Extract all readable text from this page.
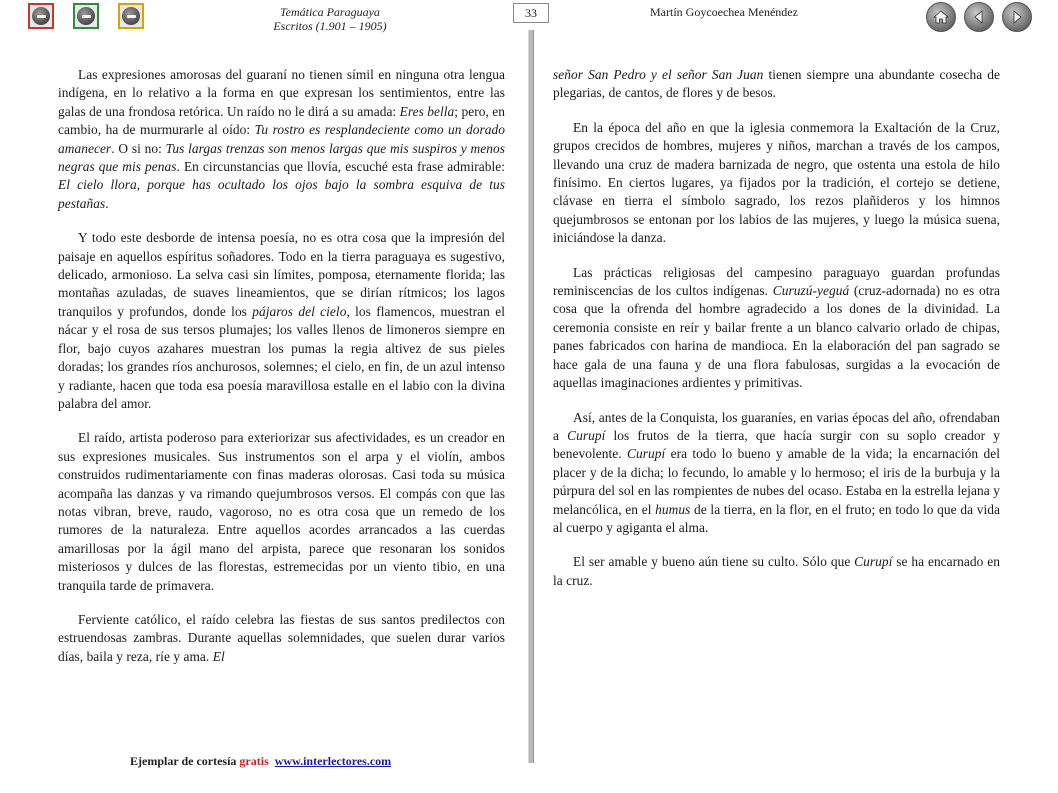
Temática Paraguaya
Escritos (1.901 – 1905)
33	Martín Goycoechea Menéndez

Las expresiones amorosas del guaraní no tienen símil en ninguna otra lengua indígena, en lo relativo a la forma en que expresan los sentimientos, entre las galas de una frondosa retórica. Un raído no le dirá a su amada: Eres bella; pero, en cambio, ha de murmurarle al oído: Tu rostro es resplandeciente como un dorado amanecer. O si no: Tus largas trenzas son menos largas que mis suspiros y menos negras que mis penas. En circunstancias que llovía, escuché esta frase admirable: El cielo llora, porque has ocultado los ojos bajo la sombra esquiva de tus pestañas.

Y todo este desborde de intensa poesía, no es otra cosa que la impresión del paisaje en aquellos espíritus soñadores. Todo en la tierra paraguaya es sugestivo, delicado, armonioso. La selva casi sin límites, pomposa, eternamente florida; las montañas azuladas, de suaves lineamientos, que se dirían rítmicos; los lagos tranquilos y profundos, donde los pájaros del cielo, los flamencos, muestran el nácar y el rosa de sus tersos plumajes; los valles llenos de limoneros siempre en flor, bajo cuyos azahares muestran los pumas la regia altivez de sus pieles doradas; los grandes ríos anchurosos, solemnes; el cielo, en fin, de un azul intenso y radiante, hacen que toda esa poesía maravillosa estalle en el labio con la divina palabra del amor.

El raído, artista poderoso para exteriorizar sus afectividades, es un creador en sus expresiones musicales. Sus instrumentos son el arpa y el violín, ambos construidos rudimentariamente con finas maderas olorosas. Casi toda su música acompaña las danzas y va rimando quejumbrosos versos. El compás con que las notas vibran, breve, raudo, vagoroso, no es otra cosa que un remedo de los rumores de la naturaleza. Entre aquellos acordes arrancados a las cuerdas amarillosas por la ágil mano del arpista, parece que resonaran los sonidos misteriosos y dulces de las florestas, estremecidas por un viento tibio, en una tranquila tarde de primavera.

Ferviente católico, el raído celebra las fiestas de sus santos predilectos con estruendosas zambras. Durante aquellas solemnidades, que suelen durar varios días, baila y reza, ríe y ama. El

señor San Pedro y el señor San Juan tienen siempre una abundante cosecha de plegarias, de cantos, de flores y de besos.

En la época del año en que la iglesia conmemora la Exaltación de la Cruz, grupos crecidos de hombres, mujeres y niños, marchan a través de los campos, llevando una cruz de madera barnizada de negro, que ostenta una estola de hilo finísimo. En ciertos lugares, ya fijados por la tradición, el cortejo se detiene, clávase en tierra el símbolo sagrado, los rezos plañideros y los himnos quejumbrosos se entonan por los labios de las mujeres, y luego la música suena, iniciándose la danza.

Las prácticas religiosas del campesino paraguayo guardan profundas reminiscencias de los cultos indígenas. Curuzú-yeguá (cruz-adornada) no es otra cosa que la ofrenda del hombre agradecido a los dones de la divinidad. La ceremonia consiste en reír y bailar frente a un blanco calvario orlado de chipas, panes fabricados con harina de mandioca. En la elaboración del pan sagrado se hace gala de una fauna y de una flora fabulosas, surgidas a la evocación de aquellas imaginaciones ardientes y primitivas.

Así, antes de la Conquista, los guaraníes, en varias épocas del año, ofrendaban a Curupí los frutos de la tierra, que hacía surgir con su soplo creador y benevolente. Curupí era todo lo bueno y amable de la vida; la encarnación del placer y de la dicha; lo fecundo, lo amable y lo hermoso; el iris de la burbuja y la púrpura del sol en las rompientes de nubes del ocaso. Estaba en la estrella lejana y melancólica, en el humus de la tierra, en la flor, en el fruto; en todo lo que da vida al cuerpo y agiganta el alma.

El ser amable y bueno aún tiene su culto. Sólo que Curupí se ha encarnado en la cruz.

Ejemplar de cortesía gratis www.interlectores.com
